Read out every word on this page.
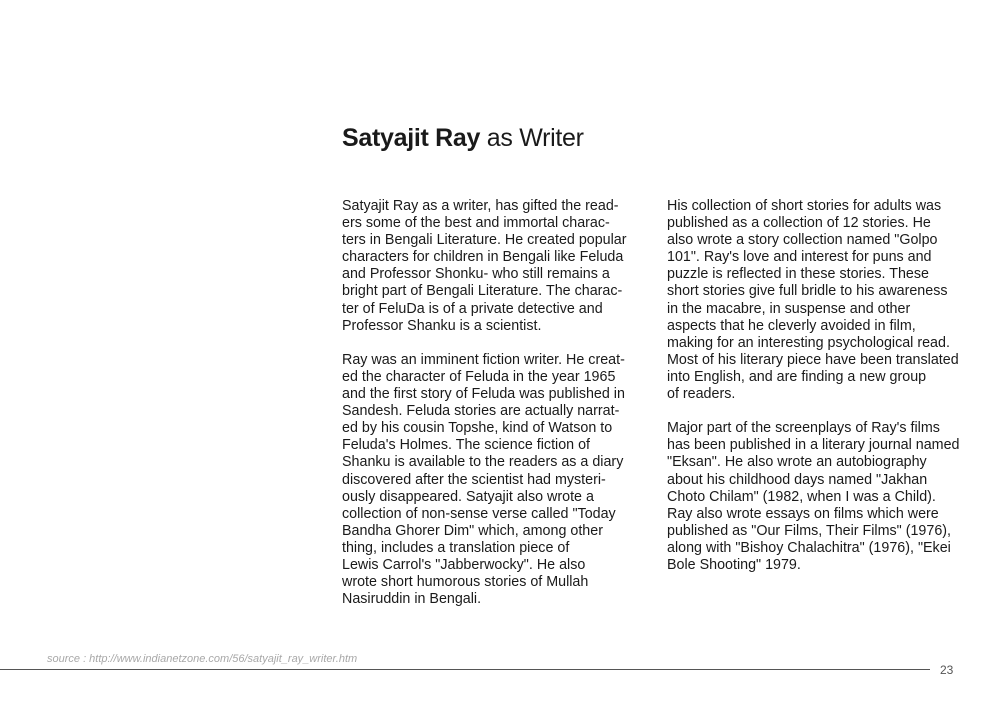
Satyajit Ray as Writer

Satyajit Ray as a writer, has gifted the read-
ers some of the best and immortal charac-
ters in Bengali Literature. He created popular
characters for children in Bengali like Feluda
and Professor Shonku- who still remains a
bright part of Bengali Literature. The charac-
ter of FeluDa is of a private detective and
Professor Shanku is a scientist.

Ray was an imminent fiction writer. He creat-
ed the character of Feluda in the year 1965
and the first story of Feluda was published in
Sandesh. Feluda stories are actually narrat-
ed by his cousin Topshe, kind of Watson to
Feluda's Holmes. The science fiction of
Shanku is available to the readers as a diary
discovered after the scientist had mysteri-
ously disappeared. Satyajit also wrote a
collection of non-sense verse called "Today
Bandha Ghorer Dim" which, among other
thing, includes a translation piece of
Lewis Carrol's "Jabberwocky". He also
wrote short humorous stories of Mullah
Nasiruddin in Bengali.

His collection of short stories for adults was
published as a collection of 12 stories. He
also wrote a story collection named "Golpo
101". Ray's love and interest for puns and
puzzle is reflected in these stories. These
short stories give full bridle to his awareness
in the macabre, in suspense and other
aspects that he cleverly avoided in film,
making for an interesting psychological read.
Most of his literary piece have been translated
into English, and are finding a new group
of readers.

Major part of the screenplays of Ray's films
has been published in a literary journal named
"Eksan". He also wrote an autobiography
about his childhood days named "Jakhan
Choto Chilam" (1982, when I was a Child).
Ray also wrote essays on films which were
published as "Our Films, Their Films" (1976),
along with "Bishoy Chalachitra" (1976), "Ekei
Bole Shooting" 1979.

source : http://www.indianetzone.com/56/satyajit_ray_writer.htm
23
